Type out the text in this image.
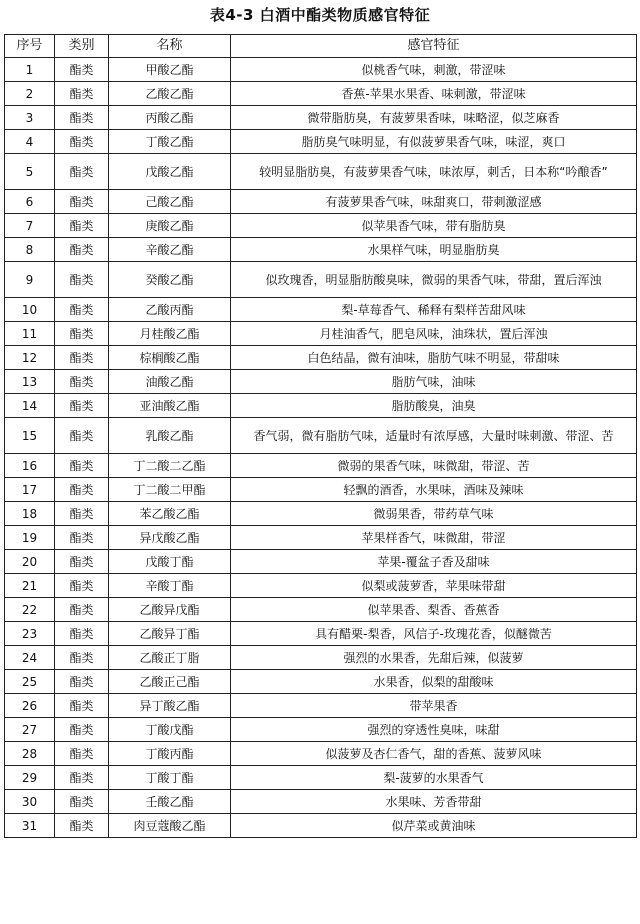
表4-3 白酒中酯类物质感官特征
序号	类别	名称	感官特征
1	酯类	甲酸乙酯	似桃香气味，刺激，带涩味
2	酯类	乙酸乙酯	香蕉-苹果水果香、味刺激，带涩味
3	酯类	丙酸乙酯	微带脂肪臭，有菠萝果香味，味略涩，似芝麻香
4	酯类	丁酸乙酯	脂肪臭气味明显，有似菠萝果香气味，味涩，爽口
5	酯类	戊酸乙酯	较明显脂肪臭，有菠萝果香气味，味浓厚，刺舌，日本称“吟酿香”
6	酯类	己酸乙酯	有菠萝果香气味，味甜爽口，带刺激涩感
7	酯类	庚酸乙酯	似苹果香气味，带有脂肪臭
8	酯类	辛酸乙酯	水果样气味，明显脂肪臭
9	酯类	癸酸乙酯	似玫瑰香，明显脂肪酸臭味，微弱的果香气味，带甜，置后浑浊
10	酯类	乙酸丙酯	梨-草莓香气、稀释有梨样苦甜风味
11	酯类	月桂酸乙酯	月桂油香气，肥皂风味，油珠状，置后浑浊
12	酯类	棕榈酸乙酯	白色结晶，微有油味，脂肪气味不明显，带甜味
13	酯类	油酸乙酯	脂肪气味，油味
14	酯类	亚油酸乙酯	脂肪酸臭，油臭
15	酯类	乳酸乙酯	香气弱，微有脂肪气味，适量时有浓厚感，大量时味刺激、带涩、苦
16	酯类	丁二酸二乙酯	微弱的果香气味，味微甜，带涩、苦
17	酯类	丁二酸二甲酯	轻飘的酒香，水果味，酒味及辣味
18	酯类	苯乙酸乙酯	微弱果香，带药草气味
19	酯类	异戊酸乙酯	苹果样香气，味微甜，带涩
20	酯类	戊酸丁酯	苹果-覆盆子香及甜味
21	酯类	辛酸丁酯	似梨或菠萝香，苹果味带甜
22	酯类	乙酸异戊酯	似苹果香、梨香、香蕉香
23	酯类	乙酸异丁酯	具有醋栗-梨香，风信子-玫瑰花香，似醚微苦
24	酯类	乙酸正丁脂	强烈的水果香，先甜后辣，似菠萝
25	酯类	乙酸正己酯	水果香，似梨的甜酸味
26	酯类	异丁酸乙酯	带苹果香
27	酯类	丁酸戊酯	强烈的穿透性臭味，味甜
28	酯类	丁酸丙酯	似菠萝及杏仁香气，甜的香蕉、菠萝风味
29	酯类	丁酸丁酯	梨-菠萝的水果香气
30	酯类	壬酸乙酯	水果味、芳香带甜
31	酯类	肉豆蔻酸乙酯	似芹菜或黄油味
